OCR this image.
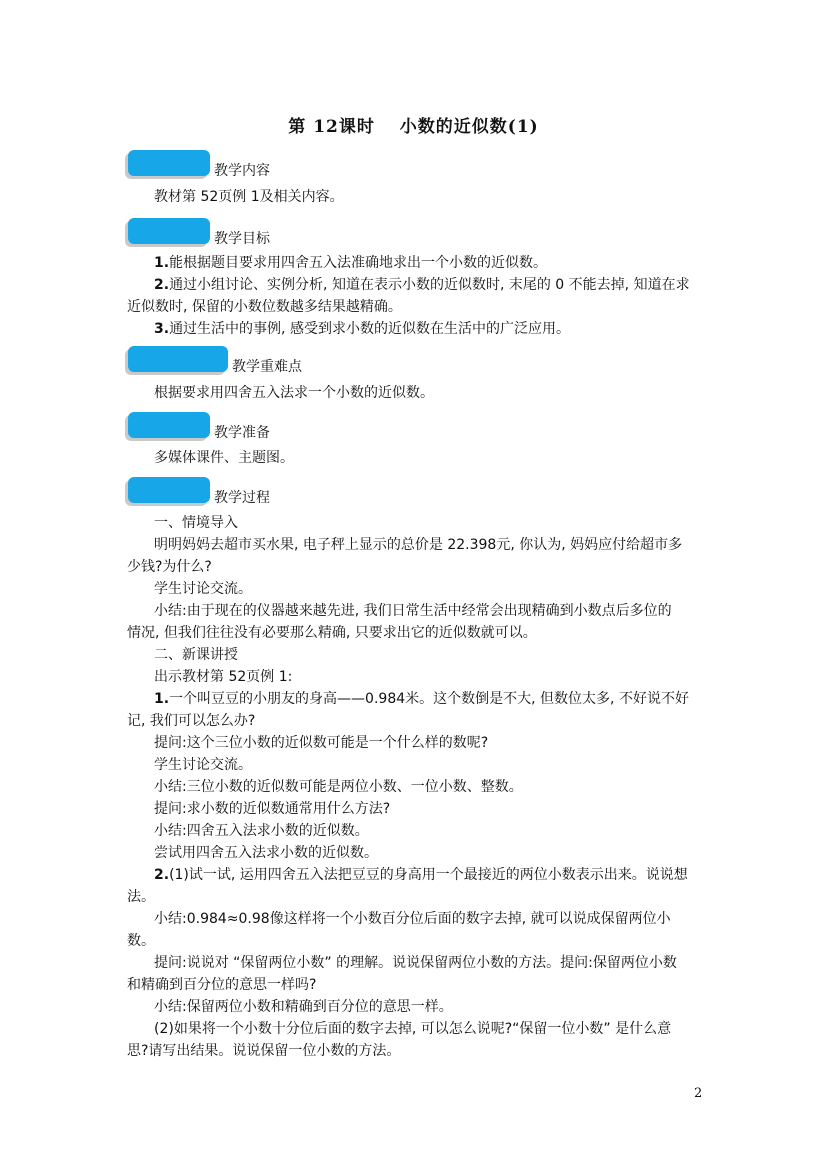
第 12课时　 小数的近似数(1)
教学内容
教材第 52页例 1及相关内容。
教学目标
1.能根据题目要求用四舍五入法准确地求出一个小数的近似数。
2.通过小组讨论、实例分析, 知道在表示小数的近似数时, 末尾的 0 不能去掉, 知道在求
近似数时, 保留的小数位数越多结果越精确。
3.通过生活中的事例, 感受到求小数的近似数在生活中的广泛应用。
教学重难点
根据要求用四舍五入法求一个小数的近似数。
教学准备
多媒体课件、主题图。
教学过程
一、情境导入
明明妈妈去超市买水果, 电子秤上显示的总价是 22.398元, 你认为, 妈妈应付给超市多
少钱?为什么?
学生讨论交流。
小结:由于现在的仪器越来越先进, 我们日常生活中经常会出现精确到小数点后多位的
情况, 但我们往往没有必要那么精确, 只要求出它的近似数就可以。
二、新课讲授
出示教材第 52页例 1:
1.一个叫豆豆的小朋友的身高——0.984米。这个数倒是不大, 但数位太多, 不好说不好
记, 我们可以怎么办?
提问:这个三位小数的近似数可能是一个什么样的数呢?
学生讨论交流。
小结:三位小数的近似数可能是两位小数、一位小数、整数。
提问:求小数的近似数通常用什么方法?
小结:四舍五入法求小数的近似数。
尝试用四舍五入法求小数的近似数。
2.(1)试一试, 运用四舍五入法把豆豆的身高用一个最接近的两位小数表示出来。说说想
法。
小结:0.984≈0.98像这样将一个小数百分位后面的数字去掉, 就可以说成保留两位小
数。
提问:说说对 “保留两位小数” 的理解。说说保留两位小数的方法。提问:保留两位小数
和精确到百分位的意思一样吗?
小结:保留两位小数和精确到百分位的意思一样。
(2)如果将一个小数十分位后面的数字去掉, 可以怎么说呢?“保留一位小数” 是什么意
思?请写出结果。说说保留一位小数的方法。
2
